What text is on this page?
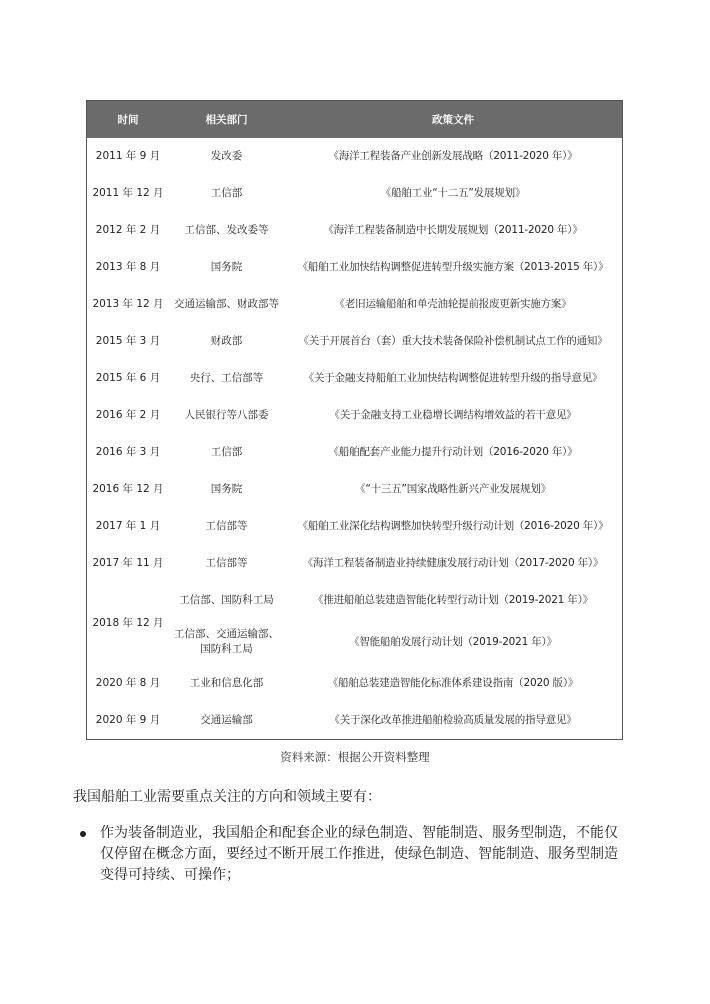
时间	相关部门	政策文件
2011 年 9 月	发改委	《海洋工程装备产业创新发展战略（2011-2020 年）》
2011 年 12 月	工信部	《船舶工业“十二五”发展规划》
2012 年 2 月	工信部、发改委等	《海洋工程装备制造中长期发展规划（2011-2020 年）》
2013 年 8 月	国务院	《船舶工业加快结构调整促进转型升级实施方案（2013-2015 年）》
2013 年 12 月	交通运输部、财政部等	《老旧运输船舶和单壳油轮提前报废更新实施方案》
2015 年 3 月	财政部	《关于开展首台（套）重大技术装备保险补偿机制试点工作的通知》
2015 年 6 月	央行、工信部等	《关于金融支持船舶工业加快结构调整促进转型升级的指导意见》
2016 年 2 月	人民银行等八部委	《关于金融支持工业稳增长调结构增效益的若干意见》
2016 年 3 月	工信部	《船舶配套产业能力提升行动计划（2016-2020 年）》
2016 年 12 月	国务院	《“十三五”国家战略性新兴产业发展规划》
2017 年 1 月	工信部等	《船舶工业深化结构调整加快转型升级行动计划（2016-2020 年）》
2017 年 11 月	工信部等	《海洋工程装备制造业持续健康发展行动计划（2017-2020 年）》
2018 年 12 月	工信部、国防科工局	《推进船舶总装建造智能化转型行动计划（2019-2021 年）》

	工信部、交通运输部、
国防科工局	《智能船舶发展行动计划（2019-2021 年）》
2020 年 8 月	工业和信息化部	《船舶总装建造智能化标准体系建设指南（2020 版）》
2020 年 9 月	交通运输部	《关于深化改革推进船舶检验高质量发展的指导意见》
资料来源：根据公开资料整理
我国船舶工业需要重点关注的方向和领域主要有：
作为装备制造业，我国船企和配套企业的绿色制造、智能制造、服务型制造，不能仅
仅停留在概念方面，要经过不断开展工作推进，使绿色制造、智能制造、服务型制造
变得可持续、可操作；
